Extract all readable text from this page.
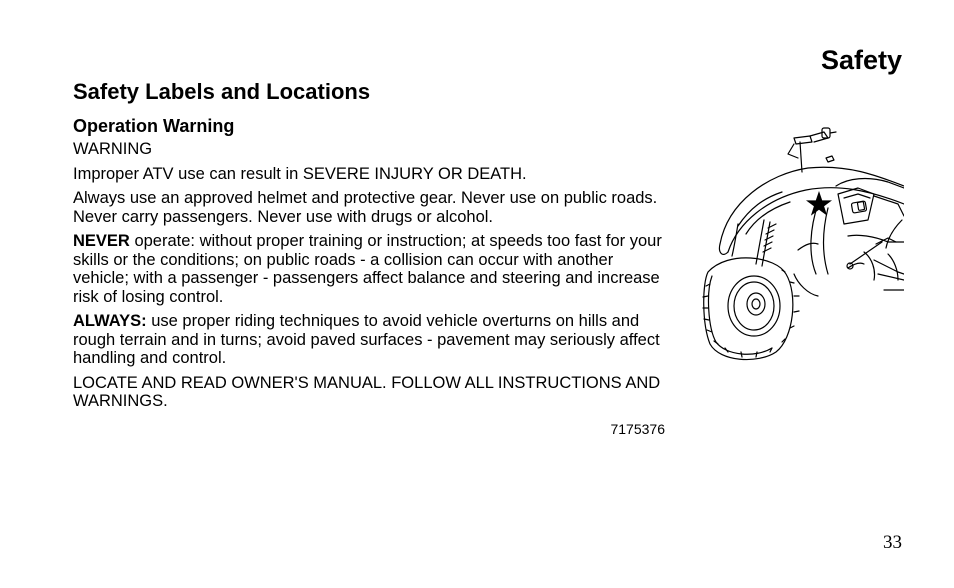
Safety
Safety Labels and Locations
Operation Warning

WARNING

Improper ATV use can result in SEVERE INJURY OR DEATH.

Always use an approved helmet and protective gear. Never use on public roads. Never carry passengers. Never use with drugs or alcohol.

NEVER operate: without proper training or instruction; at speeds too fast for your skills or the conditions; on public roads - a collision can occur with another vehicle; with a passenger - passengers affect balance and steering and increase risk of losing control.

ALWAYS: use proper riding techniques to avoid vehicle overturns on hills and rough terrain and in turns; avoid paved surfaces - pavement may seriously affect handling and control.

LOCATE AND READ OWNER'S MANUAL. FOLLOW ALL INSTRUCTIONS AND WARNINGS.

7175376

33
